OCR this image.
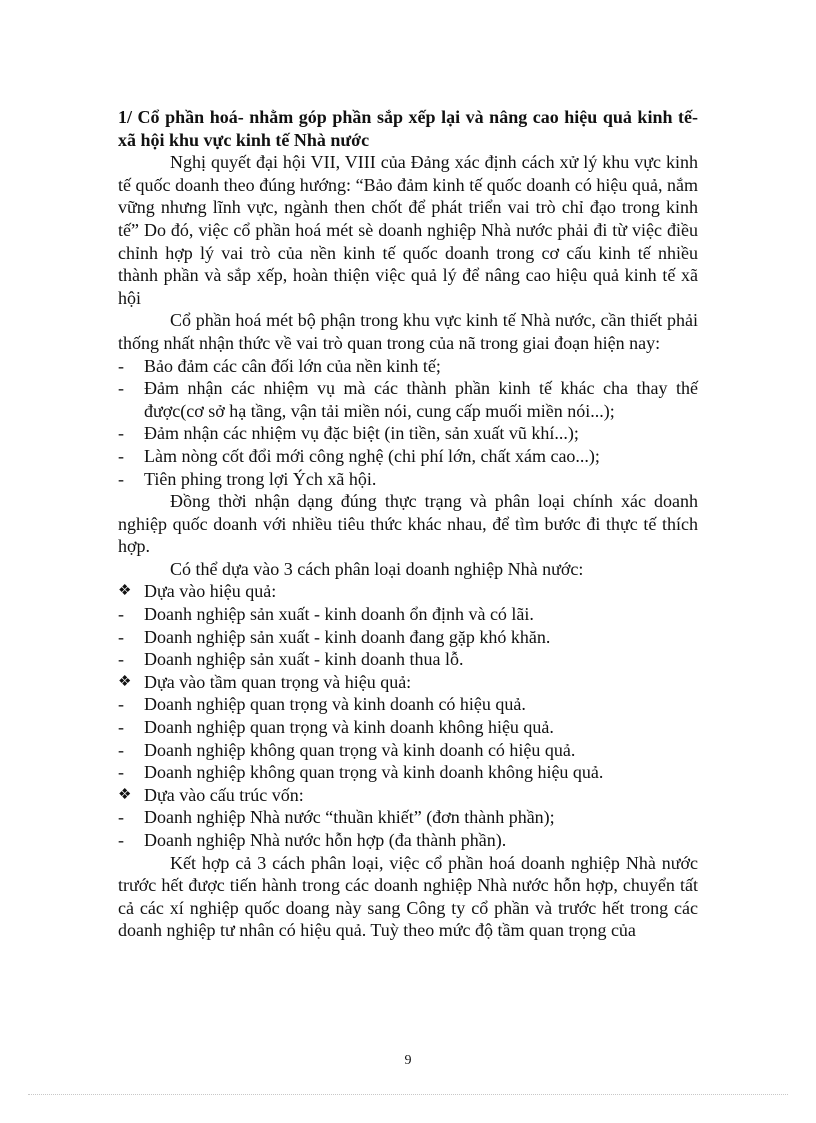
1/ Cổ phần hoá- nhằm góp phần sắp xếp lại và nâng cao hiệu quả kinh tế- xã hội khu vực kinh tế Nhà nước

Nghị quyết đại hội VII, VIII của Đảng xác định cách xử lý khu vực kinh tế quốc doanh theo đúng hướng: “Bảo đảm kinh tế quốc doanh có hiệu quả, nắm vững nhưng lĩnh vực, ngành then chốt để phát triển vai trò chỉ đạo trong kinh tế” Do đó, việc cổ phần hoá mét sè doanh nghiệp Nhà nước phải đi từ việc điều chỉnh hợp lý vai trò của nền kinh tế quốc doanh trong cơ cấu kinh tế nhiều thành phần và sắp xếp, hoàn thiện việc quả lý để nâng cao hiệu quả kinh tế xã hội

Cổ phần hoá mét bộ phận trong khu vực kinh tế Nhà nước, cần thiết phải thống nhất nhận thức về vai trò quan trong của nã trong giai đoạn hiện nay:

-	Bảo đảm các cân đối lớn của nền kinh tế;
-	Đảm nhận các nhiệm vụ mà các thành phần kinh tế khác cha thay thế được(cơ sở hạ tầng, vận tải miền nói, cung cấp muối miền nói...);
-	Đảm nhận các nhiệm vụ đặc biệt (in tiền, sản xuất vũ khí...);
-	Làm nòng cốt đổi mới công nghệ (chi phí lớn, chất xám cao...);
-	Tiên phing trong lợi Ých xã hội.

Đồng thời nhận dạng đúng thực trạng và phân loại chính xác doanh nghiệp quốc doanh với nhiều tiêu thức khác nhau, để tìm bước đi thực tế thích hợp.

Có thể dựa vào 3 cách phân loại doanh nghiệp Nhà nước:

❖ Dựa vào hiệu quả:
-	Doanh nghiệp sản xuất - kinh doanh ổn định và có lãi.
-	Doanh nghiệp sản xuất - kinh doanh đang gặp khó khăn.
-	Doanh nghiệp sản xuất - kinh doanh thua lỗ.
❖ Dựa vào tầm quan trọng và hiệu quả:
-	Doanh nghiệp quan trọng và kinh doanh có hiệu quả.
-	Doanh nghiệp quan trọng và kinh doanh không hiệu quả.
-	Doanh nghiệp không quan trọng và kinh doanh có hiệu quả.
-	Doanh nghiệp không quan trọng và kinh doanh không hiệu quả.
❖ Dựa vào cấu trúc vốn:
-	Doanh nghiệp Nhà nước “thuần khiết” (đơn thành phần);
-	Doanh nghiệp Nhà nước hỗn hợp (đa thành phần).

Kết hợp cả 3 cách phân loại, việc cổ phần hoá doanh nghiệp Nhà nước trước hết được tiến hành trong các doanh nghiệp Nhà nước hỗn hợp, chuyển tất cả các xí nghiệp quốc doang này sang Công ty cổ phần và trước hết trong các doanh nghiệp tư nhân có hiệu quả. Tuỳ theo mức độ tầm quan trọng của

9
